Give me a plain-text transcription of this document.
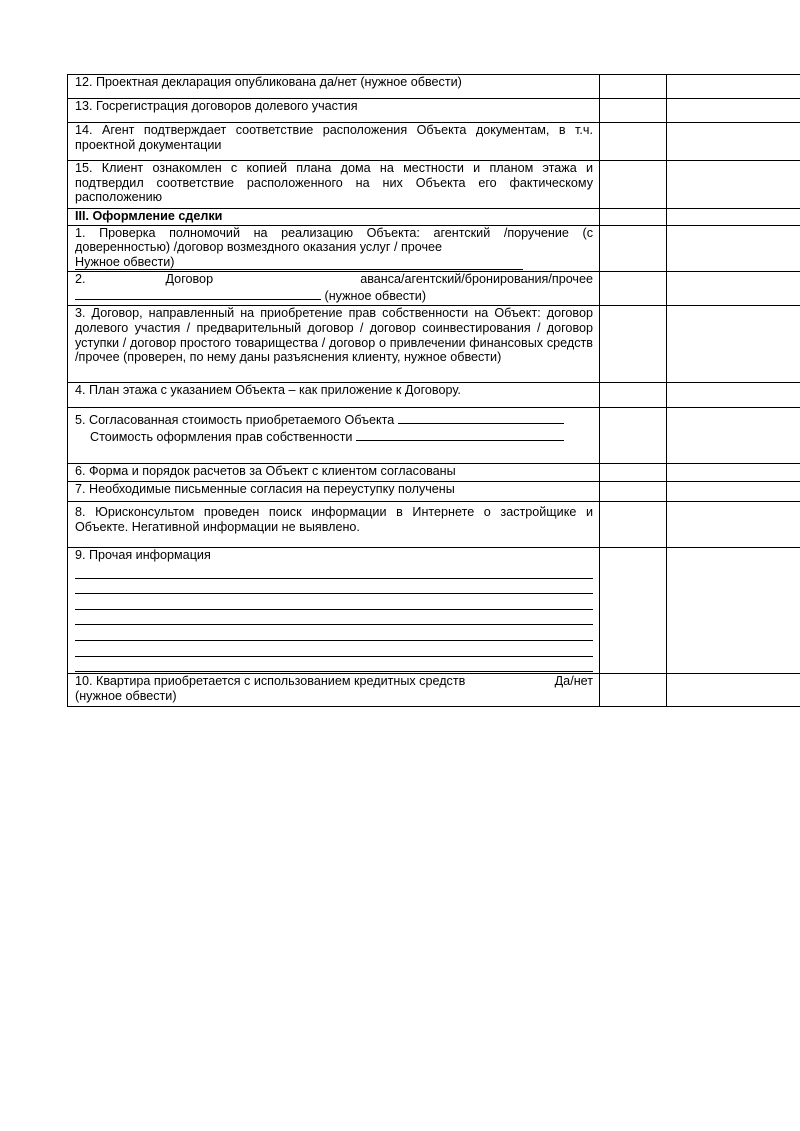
12. Проектная декларация опубликована да/нет (нужное обвести)		
13. Госрегистрация договоров долевого участия		
14. Агент подтверждает соответствие расположения Объекта документам, в т.ч. проектной документации		
15. Клиент ознакомлен с копией плана дома на местности и планом этажа и подтвердил соответствие расположенного на них Объекта его фактическому расположению		
III. Оформление сделки		

1. Проверка полномочий на реализацию Объекта: агентский /поручение (с доверенностью) /договор возмездного оказания услуг / прочее
Нужное обвести)		

2. Договор аванса/агентский/бронирования/прочее
(нужное обвести)		

3. Договор, направленный на приобретение прав собственности на Объект: договор долевого участия / предварительный договор / договор соинвестирования / договор уступки / договор простого товарищества / договор о привлечении финансовых средств /прочее (проверен, по нему даны разъяснения клиенту, нужное обвести)		
4. План этажа с указанием Объекта – как приложение к Договору.		

5. Согласованная стоимость приобретаемого Объекта
Стоимость оформления прав собственности		

6. Форма и порядок расчетов за Объект с клиентом согласованы		
7. Необходимые письменные согласия на переуступку получены		
8. Юрисконсультом проведен поиск информации в Интернете о застройщике и Объекте. Негативной информации не выявлено.		

9. Прочая информация		

10. Квартира приобретается с использованием кредитных средств Да/нет
(нужное обвести)		
